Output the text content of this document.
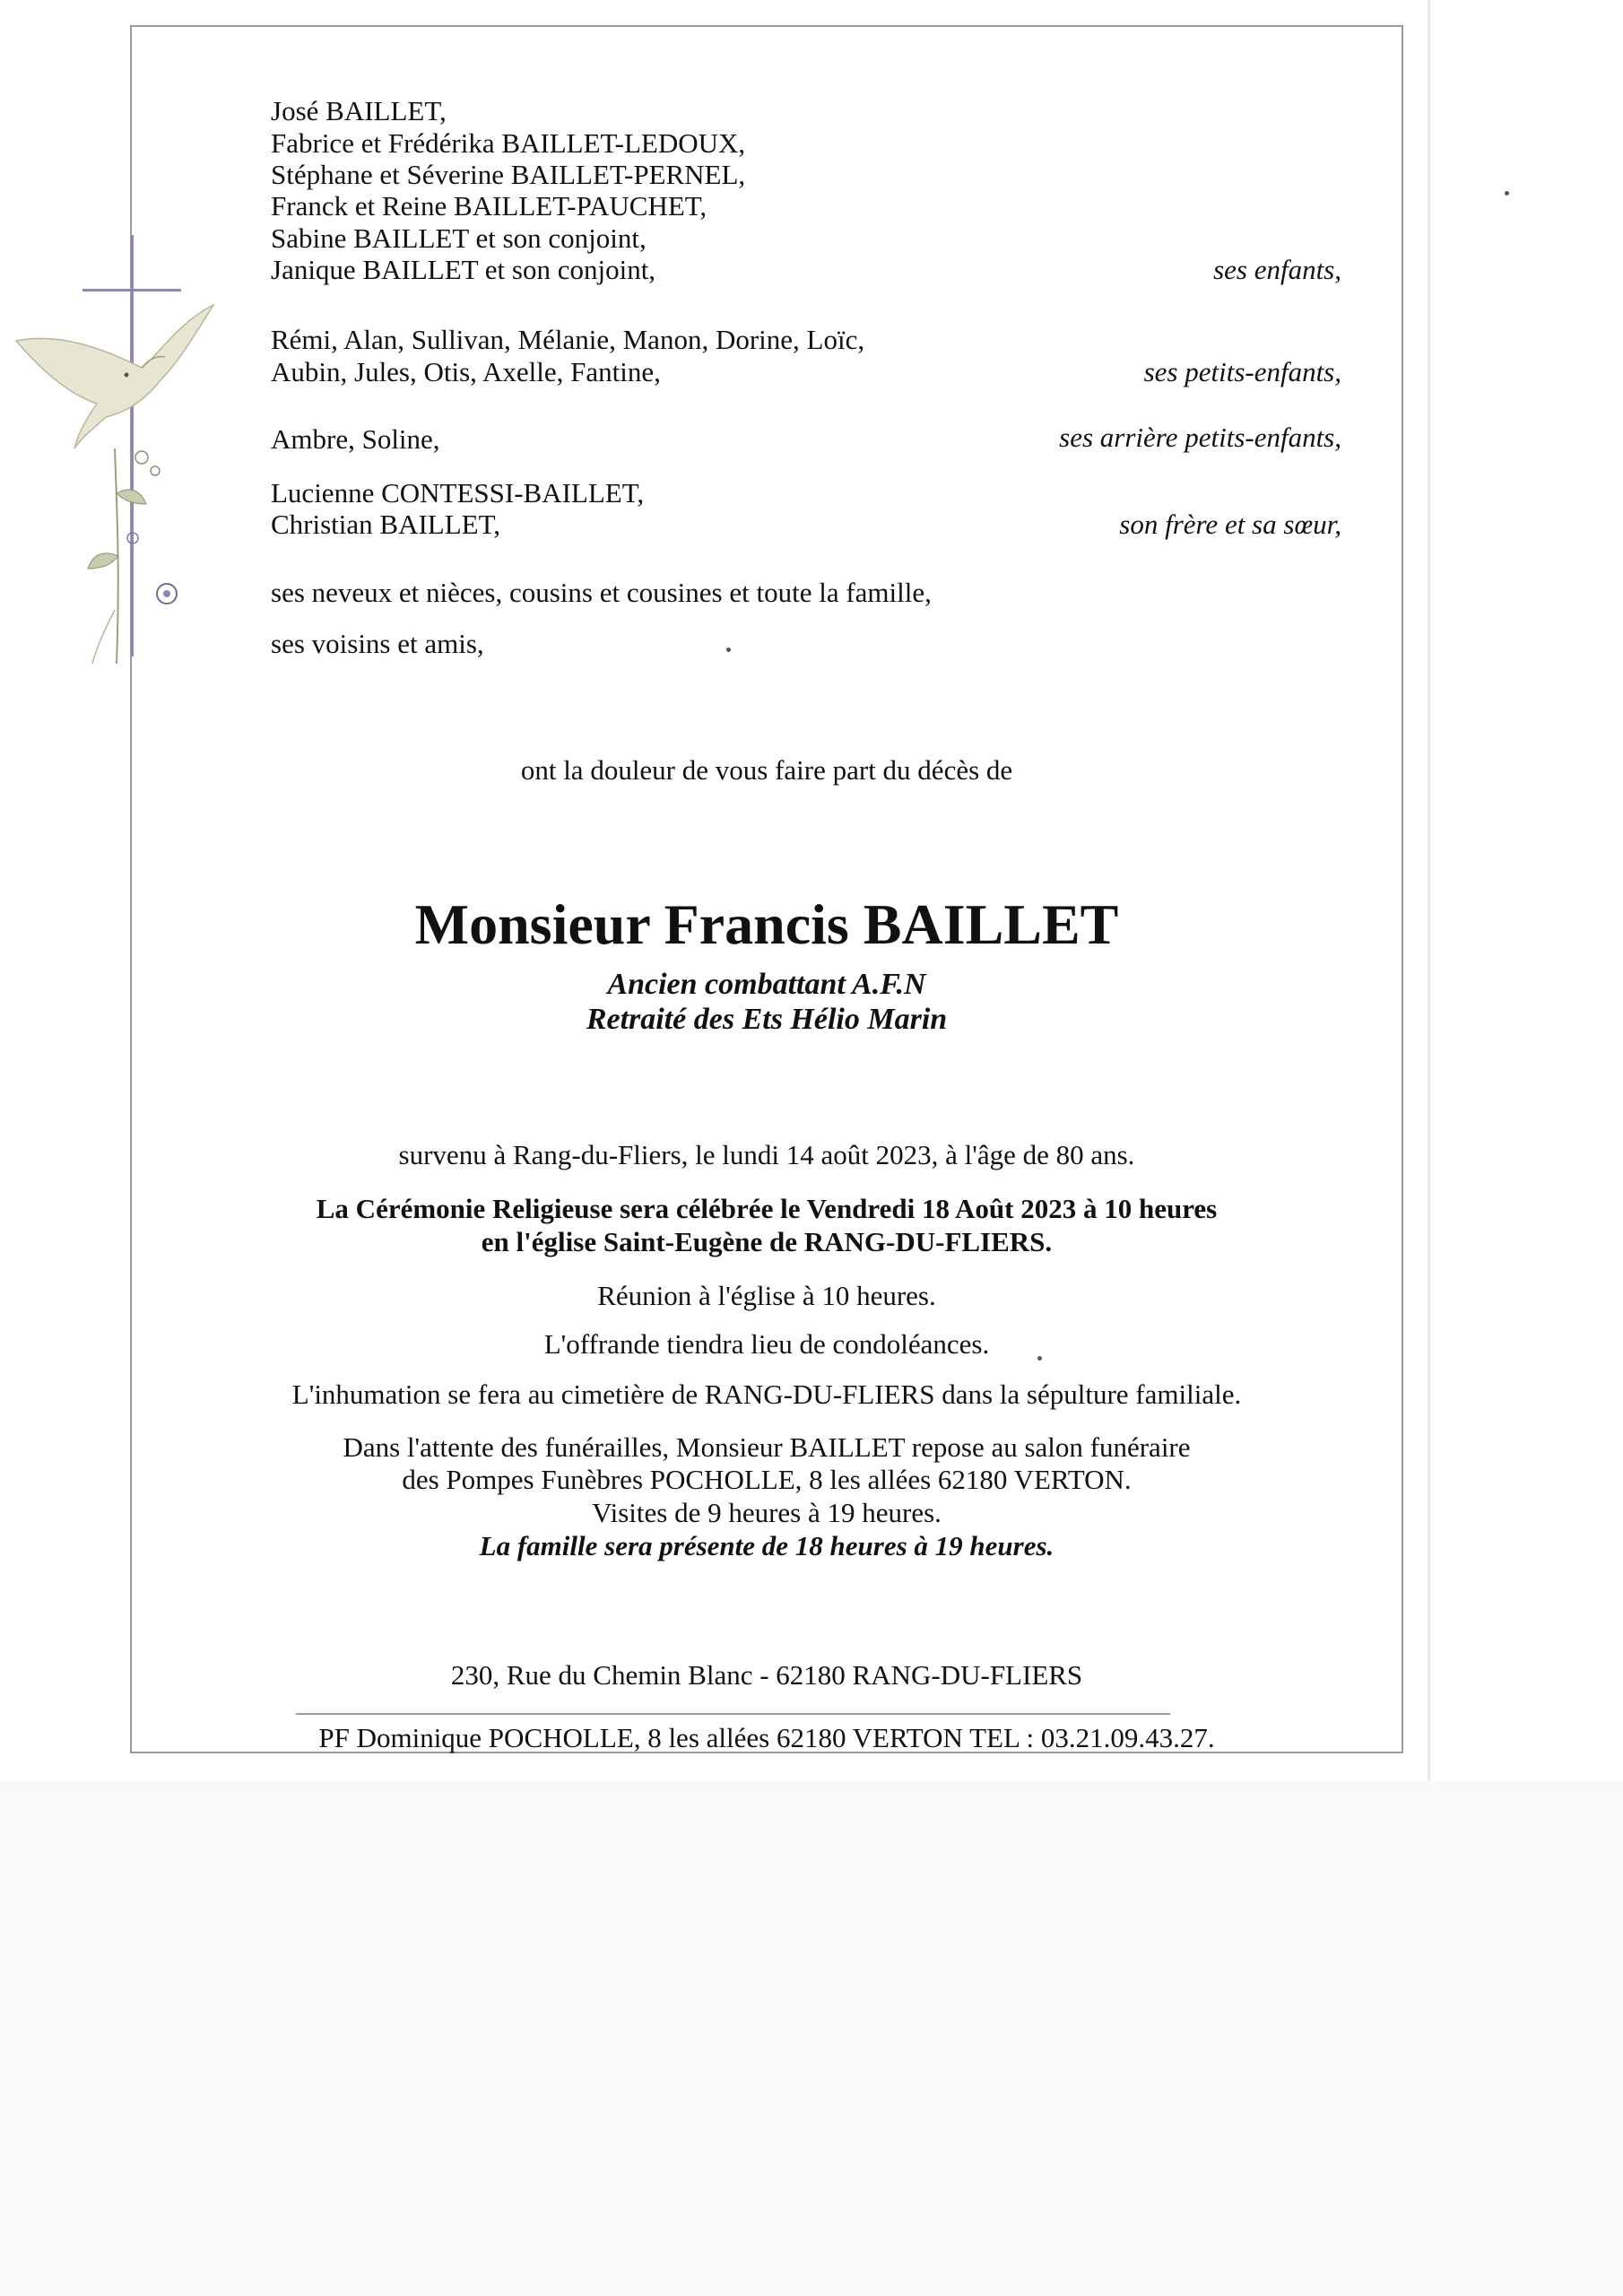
José BAILLET,

Fabrice et Frédérika BAILLET-LEDOUX,

Stéphane et Séverine BAILLET-PERNEL,

Franck et Reine BAILLET-PAUCHET,

Sabine BAILLET et son conjoint,

Janique BAILLET et son conjoint,	ses enfants,

Rémi, Alan, Sullivan, Mélanie, Manon, Dorine, Loïc,

Aubin, Jules, Otis, Axelle, Fantine,	ses petits-enfants,

Ambre, Soline,	ses arrière petits-enfants,

Lucienne CONTESSI-BAILLET,

Christian BAILLET,	son frère et sa sœur,

ses neveux et nièces, cousins et cousines et toute la famille,

ses voisins et amis,

ont la douleur de vous faire part du décès de

Monsieur Francis BAILLET

Ancien combattant A.F.N

Retraité des Ets Hélio Marin

survenu à Rang-du-Fliers, le lundi 14 août 2023, à l'âge de 80 ans.

La Cérémonie Religieuse sera célébrée le Vendredi 18 Août 2023 à 10 heures

en l'église Saint-Eugène de RANG-DU-FLIERS.

Réunion à l'église à 10 heures.

L'offrande tiendra lieu de condoléances.

L'inhumation se fera au cimetière de RANG-DU-FLIERS dans la sépulture familiale.

Dans l'attente des funérailles, Monsieur BAILLET repose au salon funéraire

des Pompes Funèbres POCHOLLE, 8 les allées 62180 VERTON.

Visites de 9 heures à 19 heures.

La famille sera présente de 18 heures à 19 heures.

230, Rue du Chemin Blanc - 62180 RANG-DU-FLIERS

PF Dominique POCHOLLE, 8 les allées 62180 VERTON TEL : 03.21.09.43.27.
